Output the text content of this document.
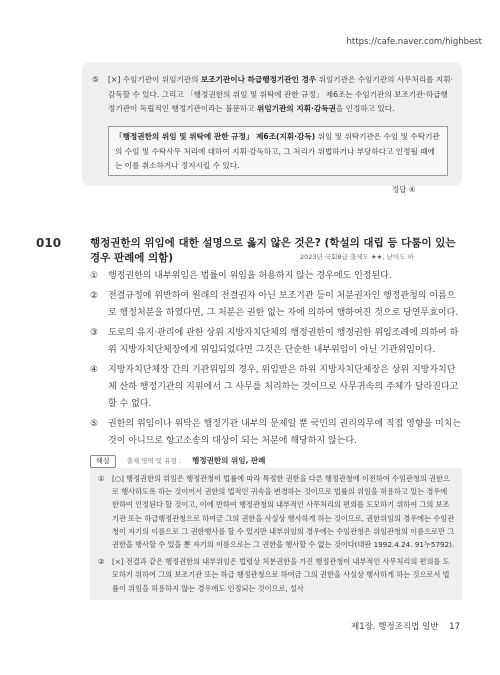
https://cafe.naver.com/highbest
⑤	[×] 수임기관이 위임기관의 보조기관이나 하급행정기관인 경우 위임기관은 수임기관의 사무처리를 지휘·감독할 수 있다. 그리고 「행정권한의 위임 및 위탁에 관한 규정」 제6조는 수임기관의 보조기관·하급행정기관이 독립적인 행정기관이라는 불문하고 위임기관의 지휘·감독권을 인정하고 있다.
「행정권한의 위임 및 위탁에 관한 규정」 제6조(지휘·감독) 위임 및 위탁기관은 수임 및 수탁기관의 수임 및 수탁사무 처리에 대하여 지휘·감독하고, 그 처리가 위법하거나 부당하다고 인정될 때에는 이를 취소하거나 정지시킬 수 있다.
정답 ④
010	행정권한의 위임에 대한 설명으로 옳지 않은 것은? (학설의 대립 등 다툼이 있는 경우 판례에 의함)	2023년 국회8급 출제도 ★★, 난이도 하
① 행정권한의 내부위임은 법률이 위임을 허용하지 않는 경우에도 인정된다.
② 전결규정에 위반하여 원래의 전결권자 아닌 보조기관 등이 처분권자인 행정관청의 이름으로 행정처분을 하였다면, 그 처분은 권한 없는 자에 의하여 행하여진 것으로 당연무효이다.
③ 도로의 유지·관리에 관한 상위 지방자치단체의 행정권한이 행정권한 위임조례에 의하여 하위 지방자치단체장에게 위임되었다면 그것은 단순한 내부위임이 아닌 기관위임이다.
④ 지방자치단체장 간의 기관위임의 경우, 위임받은 하위 지방자치단체장은 상위 지방자치단체 산하 행정기관의 지위에서 그 사무를 처리하는 것이므로 사무귀속의 주체가 달라진다고 할 수 없다.
⑤ 권한의 위임이나 위탁은 행정기관 내부의 문제일 뿐 국민의 권리의무에 직접 영향을 미치는 것이 아니므로 항고소송의 대상이 되는 처분에 해당하지 않는다.
해설	출제 영역 및 유형 : 행정권한의 위임, 판례
① [○] 행정권한의 위임은 행정관청이 법률에 따라 특정한 권한을 다른 행정관청에 이전하여 수임관청의 권한으로 행사하도록 하는 것이어서 권한의 법적인 귀속을 변경하는 것이므로 법률의 위임을 허용하고 있는 경우에 한하여 인정된다 할 것이고, 이에 반하여 행정관청의 내부적인 사무처리의 편의를 도모하기 위하여 그의 보조기관 또는 하급행정관청으로 하여금 그의 권한을 사실상 행사하게 하는 것이므로, 권한위임의 경우에는 수임관청이 자기의 이름으로 그 권한행사를 할 수 있지만 내부위임의 경우에는 수임관청은 위임관청의 이름으로만 그 권한을 행사할 수 있을 뿐 자기의 이름으로는 그 권한을 행사할 수 없는 것이다(대판 1992.4.24. 91누5792).
② [×] 전결과 같은 행정권한의 내부위임은 법령상 처분권한을 가진 행정관청이 내부적인 사무처리의 편의를 도모하기 위하여 그의 보조기관 또는 하급 행정관청으로 하여금 그의 권한을 사실상 행사하게 하는 것으로서 법률이 위임을 허용하지 않는 경우에도 인정되는 것이므로, 설사
제1장. 행정조직법 일반 17
